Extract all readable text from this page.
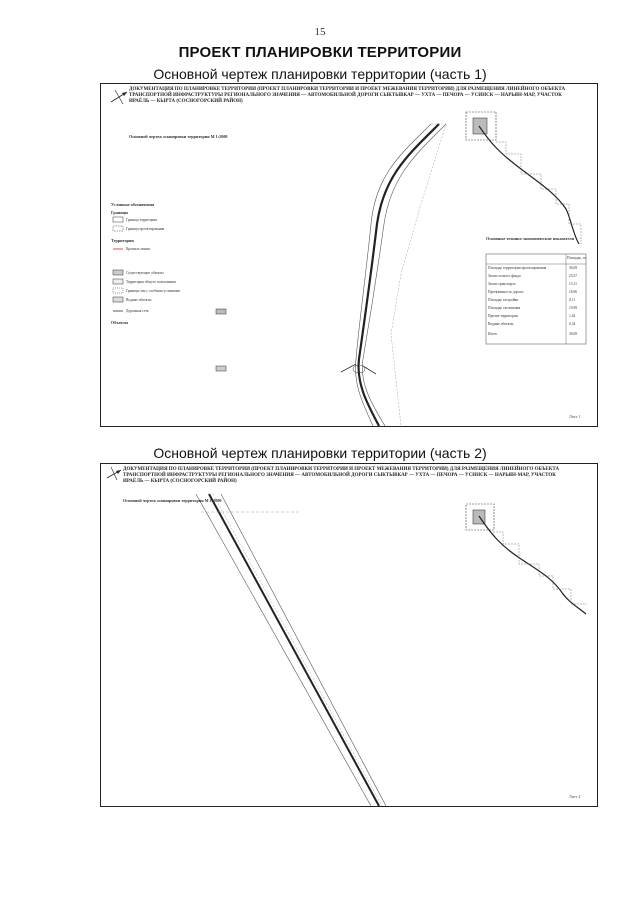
15
ПРОЕКТ ПЛАНИРОВКИ ТЕРРИТОРИИ
Основной чертеж планировки территории (часть 1)
ДОКУМЕНТАЦИЯ ПО ПЛАНИРОВКЕ ТЕРРИТОРИИ (ПРОЕКТ ПЛАНИРОВКИ ТЕРРИТОРИИ И ПРОЕКТ МЕЖЕВАНИЯ ТЕРРИТОРИИ) ДЛЯ РАЗМЕЩЕНИЯ ЛИНЕЙНОГО ОБЪЕКТА ТРАНСПОРТНОЙ ИНФРАСТРУКТУРЫ РЕГИОНАЛЬНОГО ЗНАЧЕНИЯ — АВТОМОБИЛЬНОЙ ДОРОГИ СЫКТЫВКАР — УХТА — ПЕЧОРА — УСИНСК — НАРЬЯН-МАР, УЧАСТОК ИРАЁЛЬ — КЫРТА (СОСНОГОРСКИЙ РАЙОН)
Основной чертеж планировки территории М 1:2000
Условные обозначения
Границы
Граница территории
Граница проектирования
Территории
Красные линии
Существующие объекты
Территория общего пользования
Границы зон с особыми условиями
Водные объекты
Объекты
Дорожная сеть
Основные технико-экономические показатели
Площадь, га
Площадь территории проектирования	36,69
Земли лесного фонда	23,57
Земли транспорта	13,11
Протяженность дороги	16,96
Площадь застройки	0,11
Площадь озеленения	10,99
Прочие территории	1,62
Водные объекты	0,32
Итого	36,69
Лист 1
Основной чертеж планировки территории (часть 2)
ДОКУМЕНТАЦИЯ ПО ПЛАНИРОВКЕ ТЕРРИТОРИИ (ПРОЕКТ ПЛАНИРОВКИ ТЕРРИТОРИИ И ПРОЕКТ МЕЖЕВАНИЯ ТЕРРИТОРИИ) ДЛЯ РАЗМЕЩЕНИЯ ЛИНЕЙНОГО ОБЪЕКТА ТРАНСПОРТНОЙ ИНФРАСТРУКТУРЫ РЕГИОНАЛЬНОГО ЗНАЧЕНИЯ — АВТОМОБИЛЬНОЙ ДОРОГИ СЫКТЫВКАР — УХТА — ПЕЧОРА — УСИНСК — НАРЬЯН-МАР, УЧАСТОК ИРАЁЛЬ — КЫРТА (СОСНОГОРСКИЙ РАЙОН)
Основной чертеж планировки территории М 1:2000
Лист 2
